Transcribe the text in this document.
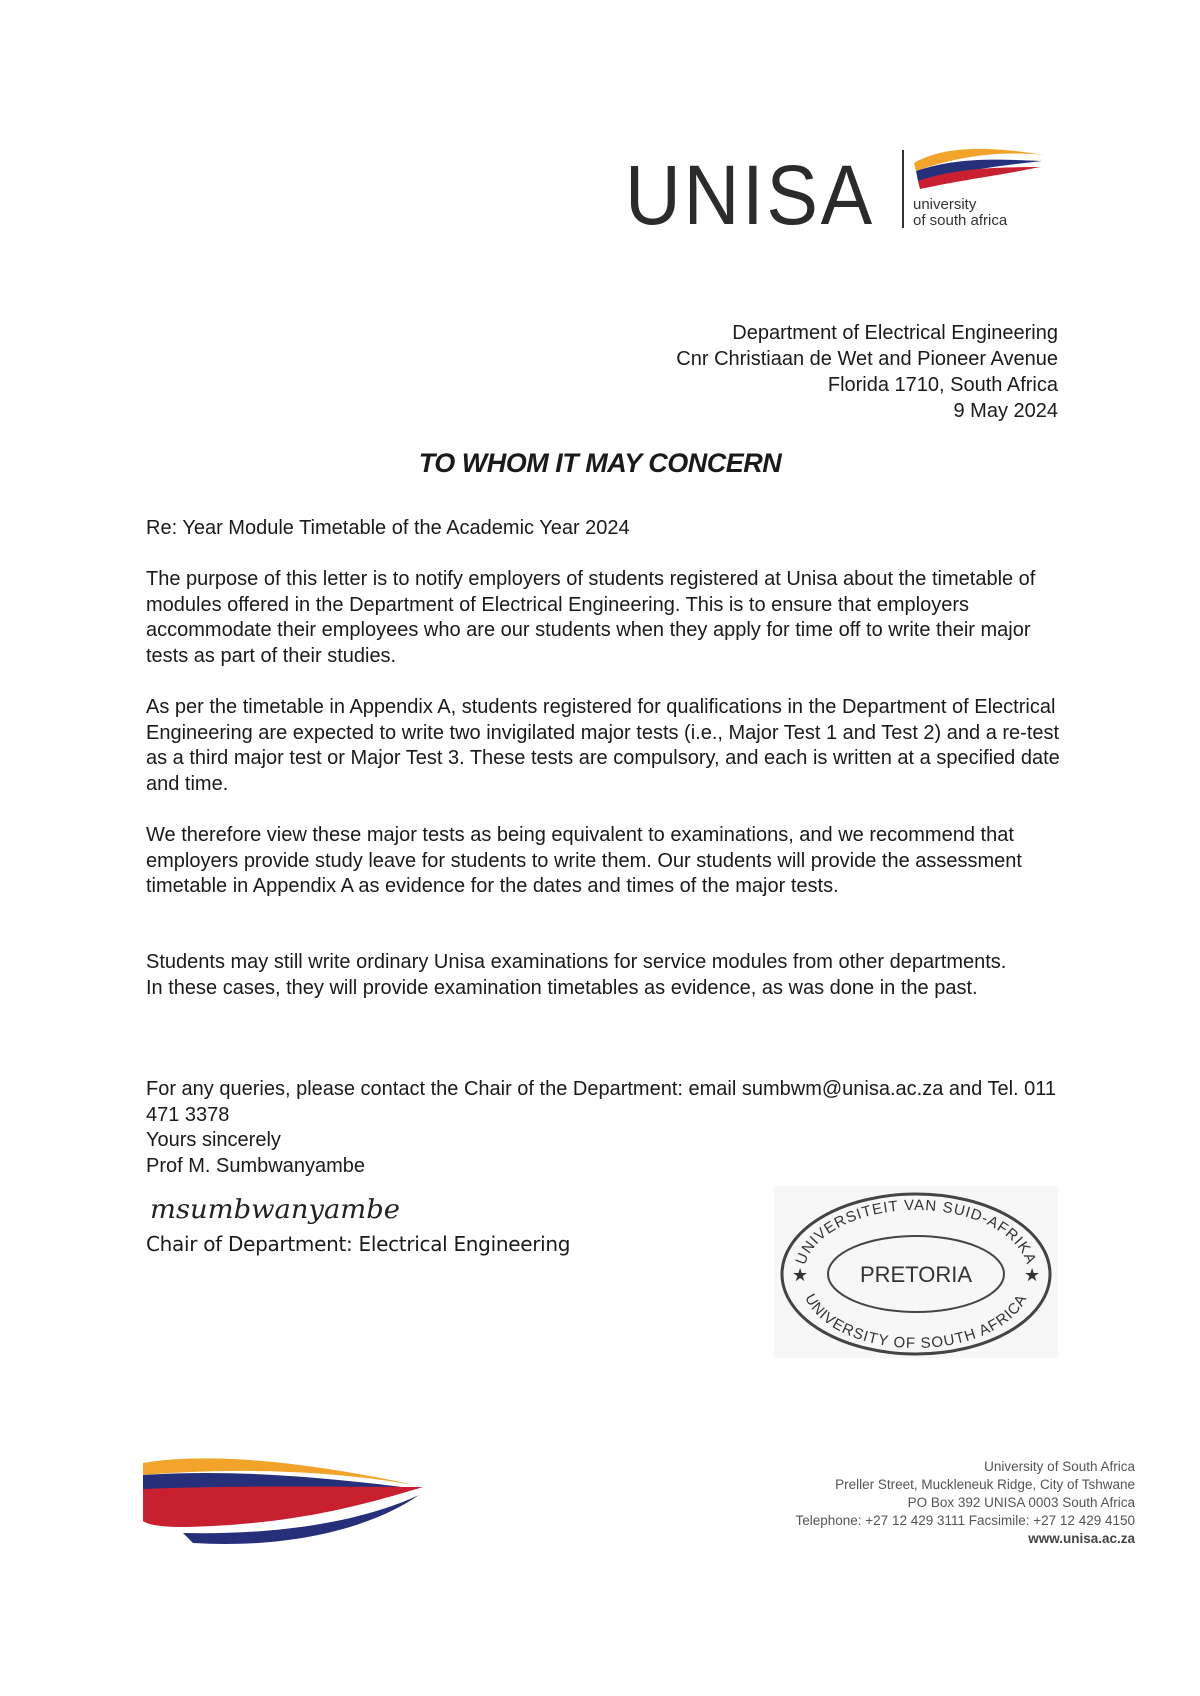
UNISA	university
of south africa
Department of Electrical Engineering
Cnr Christiaan de Wet and Pioneer Avenue
Florida 1710, South Africa
9 May 2024
TO WHOM IT MAY CONCERN
Re: Year Module Timetable of the Academic Year 2024

The purpose of this letter is to notify employers of students registered at Unisa about the timetable of modules offered in the Department of Electrical Engineering. This is to ensure that employers accommodate their employees who are our students when they apply for time off to write their major tests as part of their studies.

As per the timetable in Appendix A, students registered for qualifications in the Department of Electrical Engineering are expected to write two invigilated major tests (i.e., Major Test 1 and Test 2) and a re-test as a third major test or Major Test 3. These tests are compulsory, and each is written at a specified date and time.

We therefore view these major tests as being equivalent to examinations, and we recommend that employers provide study leave for students to write them. Our students will provide the assessment timetable in Appendix A as evidence for the dates and times of the major tests.

Students may still write ordinary Unisa examinations for service modules from other departments.

In these cases, they will provide examination timetables as evidence, as was done in the past.

For any queries, please contact the Chair of the Department: email sumbwm@unisa.ac.za and Tel. 011 471 3378

Yours sincerely

Prof M. Sumbwanyambe

msumbwanyambe
Chair of Department: Electrical Engineering
UNIVERSITEIT VAN SUID-AFRIKA
UNIVERSITY OF SOUTH AFRICA
PRETORIA
★	★
University of South Africa
Preller Street, Muckleneuk Ridge, City of Tshwane
PO Box 392 UNISA 0003 South Africa
Telephone: +27 12 429 3111 Facsimile: +27 12 429 4150
www.unisa.ac.za
